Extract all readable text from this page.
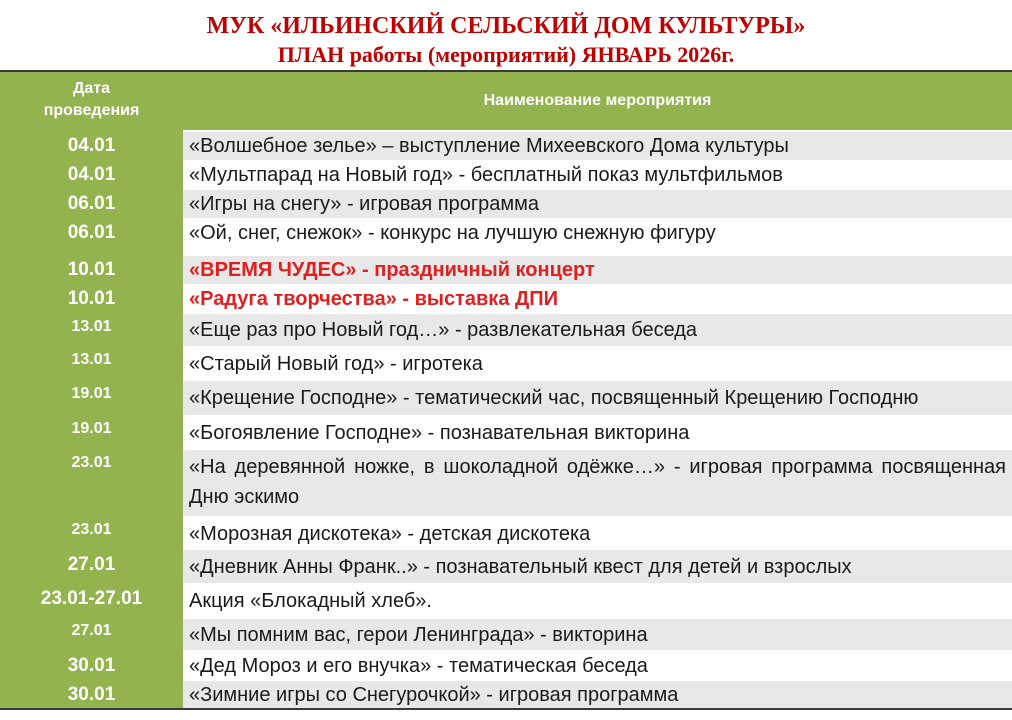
МУК «ИЛЬИНСКИЙ СЕЛЬСКИЙ ДОМ КУЛЬТУРЫ»
ПЛАН работы (мероприятий) ЯНВАРЬ 2026г.
Дата
проведения
Наименование мероприятия
04.01	«Волшебное зелье» – выступление Михеевского Дома культуры
04.01	«Мультпарад на Новый год» - бесплатный показ мультфильмов
06.01	«Игры на снегу» - игровая программа
06.01	«Ой, снег, снежок» - конкурс на лучшую снежную фигуру
10.01	«ВРЕМЯ ЧУДЕС» - праздничный концерт
10.01	«Радуга творчества» - выставка ДПИ
13.01	«Еще раз про Новый год…» - развлекательная беседа
13.01	«Старый Новый год» - игротека
19.01	«Крещение Господне» - тематический час, посвященный Крещению Господню
19.01	«Богоявление Господне» - познавательная викторина
23.01	«На деревянной ножке, в шоколадной одёжке…» - игровая программа посвященная Дню эскимо
23.01	«Морозная дискотека» - детская дискотека
27.01	«Дневник Анны Франк..» - познавательный квест для детей и взрослых
23.01-27.01	Акция «Блокадный хлеб».
27.01	«Мы помним вас, герои Ленинграда» - викторина
30.01	«Дед Мороз и его внучка» - тематическая беседа
30.01	«Зимние игры со Снегурочкой» - игровая программа
